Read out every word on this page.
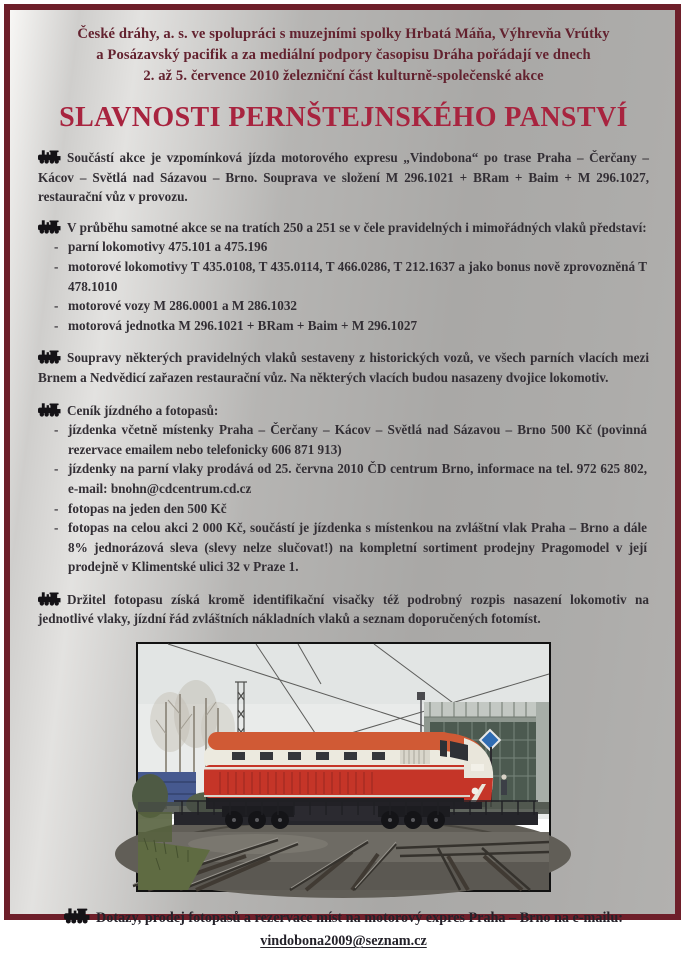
České dráhy, a. s. ve spolupráci s muzejními spolky Hrbatá Máňa, Výhrevňa Vrútky
a Posázavský pacifik a za mediální podpory časopisu Dráha pořádají ve dnech
2. až 5. července 2010 železniční část kulturně-společenské akce
SLAVNOSTI PERNŠTEJNSKÉHO PANSTVÍ
Součástí akce je vzpomínková jízda motorového expresu „Vindobona“ po trase Praha – Čerčany – Kácov – Světlá nad Sázavou – Brno. Souprava ve složení M 296.1021 + BRam + Baim + M 296.1027, restaurační vůz v provozu.
V průběhu samotné akce se na tratích 250 a 251 se v čele pravidelných i mimořádných vlaků představí:
- parní lokomotivy 475.101 a 475.196
- motorové lokomotivy T 435.0108, T 435.0114, T 466.0286, T 212.1637 a jako bonus nově zprovozněná T 478.1010
- motorové vozy M 286.0001 a M 286.1032
- motorová jednotka M 296.1021 + BRam + Baim + M 296.1027
Soupravy některých pravidelných vlaků sestaveny z historických vozů, ve všech parních vlacích mezi Brnem a Nedvědicí zařazen restaurační vůz. Na některých vlacích budou nasazeny dvojice lokomotiv.
Ceník jízdného a fotopasů:
- jízdenka včetně místenky Praha – Čerčany – Kácov – Světlá nad Sázavou – Brno 500 Kč (povinná rezervace emailem nebo telefonicky 606 871 913)
- jízdenky na parní vlaky prodává od 25. června 2010 ČD centrum Brno, informace na tel. 972 625 802, e-mail: bnohn@cdcentrum.cd.cz
- fotopas na jeden den 500 Kč
- fotopas na celou akci 2 000 Kč, součástí je jízdenka s místenkou na zvláštní vlak Praha – Brno a dále 8% jednorázová sleva (slevy nelze slučovat!) na kompletní sortiment prodejny Pragomodel v její prodejně v Klimentské ulici 32 v Praze 1.
Držitel fotopasu získá kromě identifikační visačky též podrobný rozpis nasazení lokomotiv na jednotlivé vlaky, jízdní řád zvláštních nákladních vlaků a seznam doporučených fotomíst.
Dotazy, prodej fotopasů a rezervace míst na motorový expres Praha – Brno na e-mailu:
vindobona2009@seznam.cz
